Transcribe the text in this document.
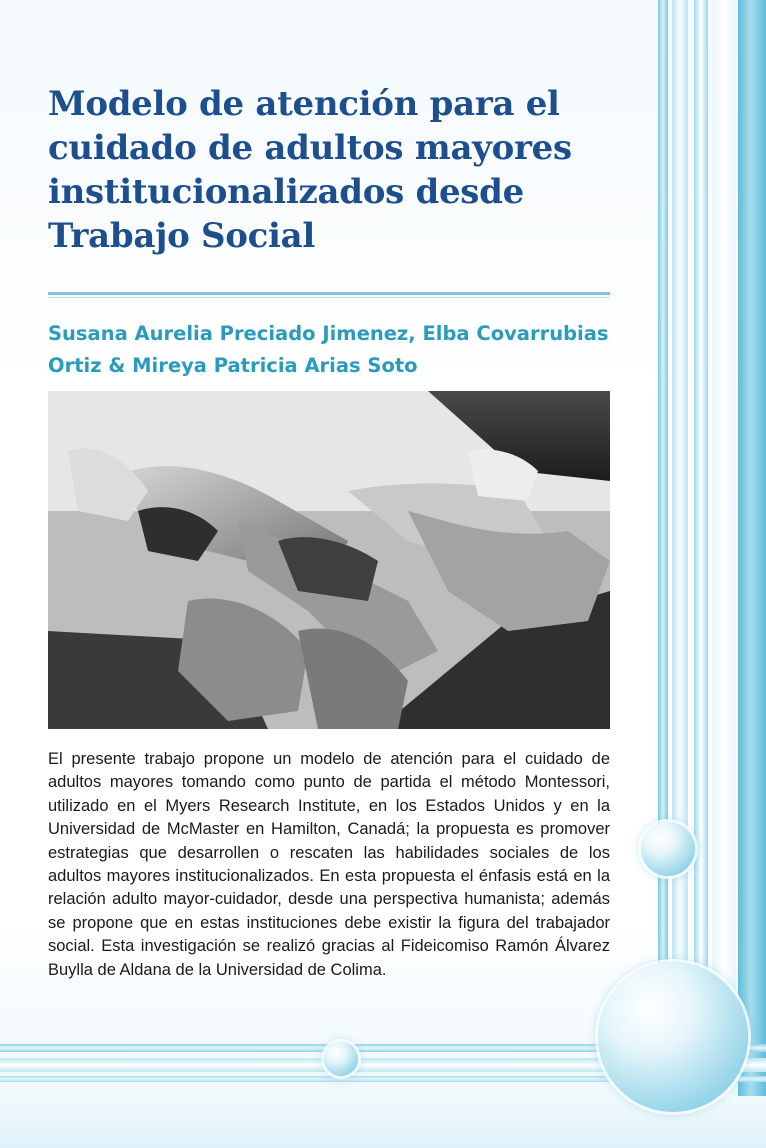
Modelo de atención para el cuidado de adultos mayores institucionalizados desde Trabajo Social

Susana Aurelia Preciado Jimenez, Elba Covarrubias Ortiz & Mireya Patricia Arias Soto

El presente trabajo propone un modelo de atención para el cuidado de adultos mayores tomando como punto de partida el método Montessori, utilizado en el Myers Research Institute, en los Estados Unidos y en la Universidad de McMaster en Hamilton, Canadá; la propuesta es promover estrategias que desarrollen o rescaten las habilidades sociales de los adultos mayores institucionalizados. En esta propuesta el énfasis está en la relación adulto mayor-cuidador, desde una perspectiva humanista; además se propone que en estas instituciones debe existir la figura del trabajador social. Esta investigación se realizó gracias al Fideicomiso Ramón Álvarez Buylla de Aldana de la Universidad de Colima.
